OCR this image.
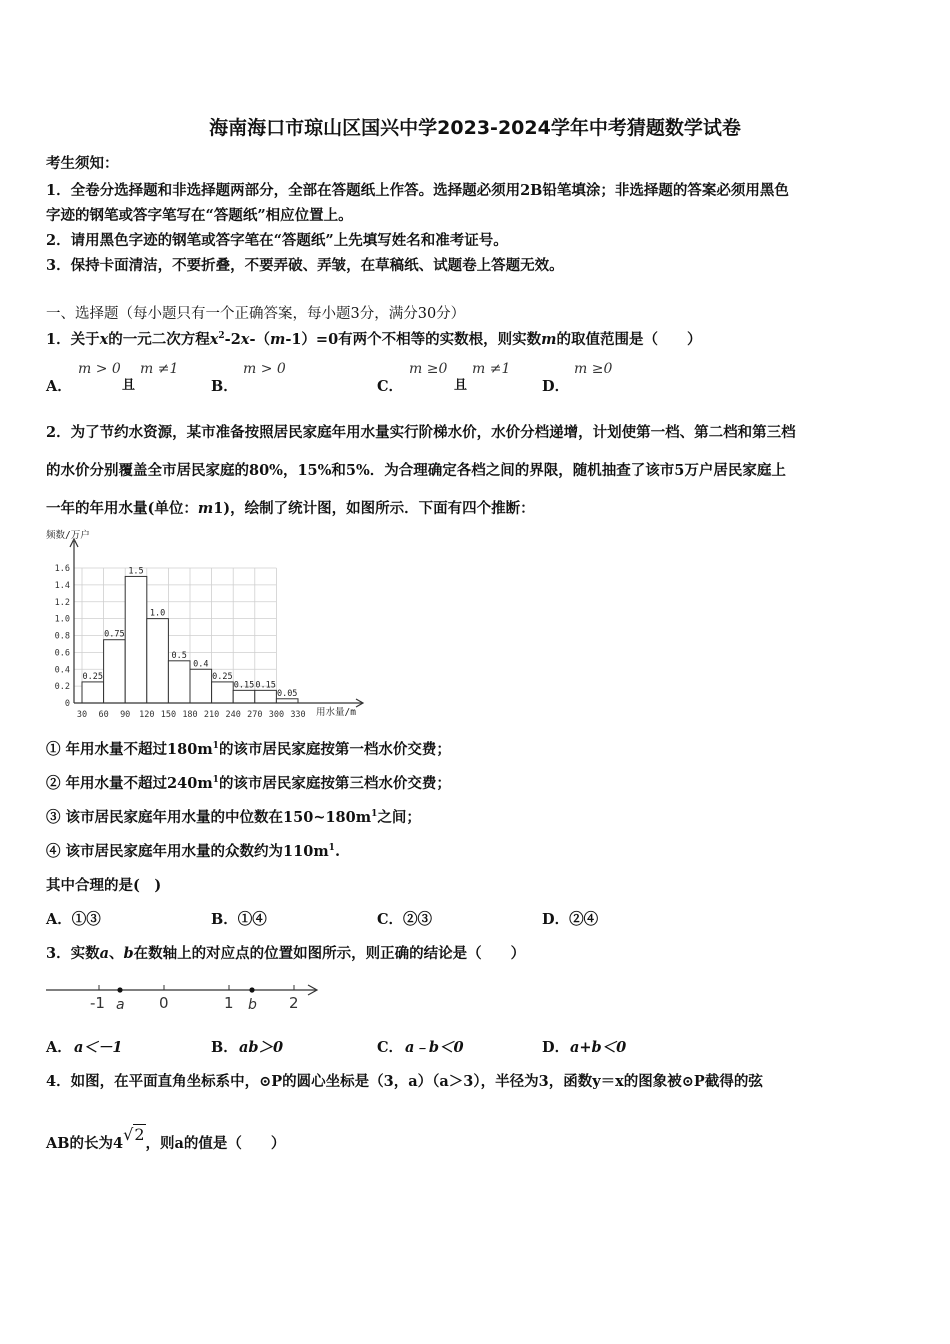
海南海口市琼山区国兴中学2023-2024学年中考猜题数学试卷
考生须知：
1．全卷分选择题和非选择题两部分，全部在答题纸上作答。选择题必须用2B铅笔填涂；非选择题的答案必须用黑色
字迹的钢笔或答字笔写在“答题纸”相应位置上。
2．请用黑色字迹的钢笔或答字笔在“答题纸”上先填写姓名和准考证号。
3．保持卡面清洁，不要折叠，不要弄破、弄皱，在草稿纸、试题卷上答题无效。
一、选择题（每小题只有一个正确答案，每小题3分，满分30分）
1．关于x的一元二次方程$x^2-2x-(m-1)=0$有两个不相等的实数根，则实数m的取值范围是（　　）
A．
m > 0
且
m ≠1
B．
m > 0
C．
m ≥0
且
m ≠1
D．
m ≥0
2．为了节约水资源，某市准备按照居民家庭年用水量实行阶梯水价，水价分档递增，计划使第一档、第二档和第三档
的水价分别覆盖全市居民家庭的80%，15%和5%．为合理确定各档之间的界限，随机抽查了该市5万户居民家庭上
一年的年用水量(单位：m1)，绘制了统计图，如图所示．下面有四个推断：
0
0.2
0.4
0.6
0.8
1.0
1.2
1.4
1.6
30 60 90 120 150 180 210 240 270 300 330
0.25
0.75
1.5
1.0
0.5
0.4
0.25
0.15 0.15
0.05
频数/万户
用水量/m
① 年用水量不超过$180m^1$的该市居民家庭按第一档水价交费；
② 年用水量不超过$240m^1$的该市居民家庭按第三档水价交费；
③ 该市居民家庭年用水量的中位数在$150\sim 180m^1$之间；
④ 该市居民家庭年用水量的众数约为$110m^1$.
其中合理的是(　)
A．①③	B．①④	C．②③	D．②④
3．实数a、b在数轴上的对应点的位置如图所示，则正确的结论是（　　）
-1 a 0	1 b 2
A． a＜－1	B． ab＞0	C． a﹣b＜0	D． a+b＜0
4．如图，在平面直角坐标系中，⊙P的圆心坐标是（3，a）（a＞3），半径为3，函数y＝x的图象被⊙P截得的弦
AB的长为4√2，则a的值是（　　）
